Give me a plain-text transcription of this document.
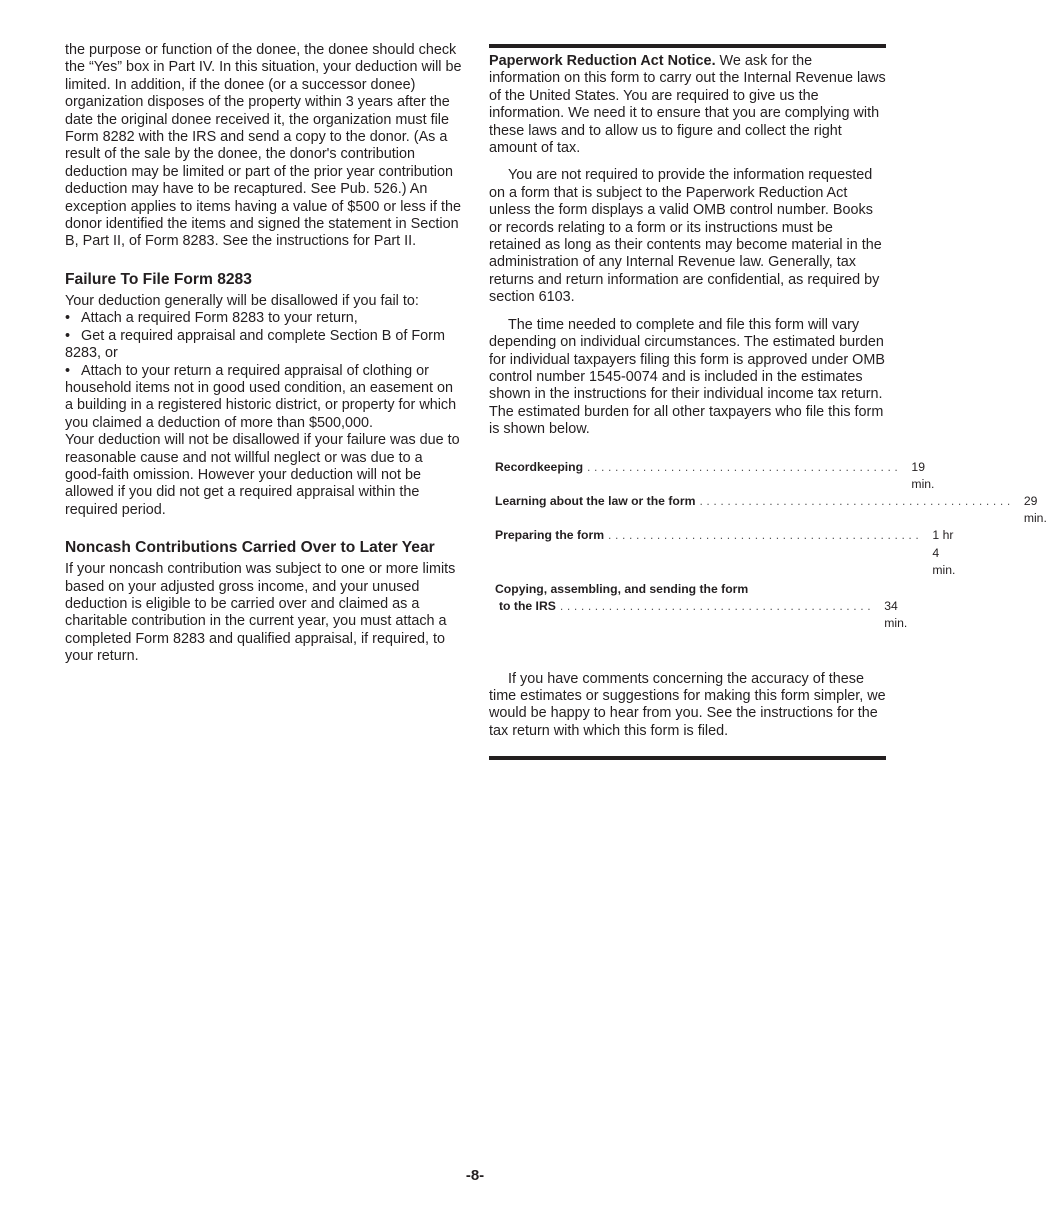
the purpose or function of the donee, the donee should check the “Yes” box in Part IV. In this situation, your deduction will be limited. In addition, if the donee (or a successor donee) organization disposes of the property within 3 years after the date the original donee received it, the organization must file Form 8282 with the IRS and send a copy to the donor. (As a result of the sale by the donee, the donor's contribution deduction may be limited or part of the prior year contribution deduction may have to be recaptured. See Pub. 526.) An exception applies to items having a value of $500 or less if the donor identified the items and signed the statement in Section B, Part II, of Form 8283. See the instructions for Part II.

Failure To File Form 8283

Your deduction generally will be disallowed if you fail to:

• Attach a required Form 8283 to your return,

• Get a required appraisal and complete Section B of Form 8283, or

• Attach to your return a required appraisal of clothing or household items not in good used condition, an easement on a building in a registered historic district, or property for which you claimed a deduction of more than $500,000.

Your deduction will not be disallowed if your failure was due to reasonable cause and not willful neglect or was due to a good-faith omission. However your deduction will not be allowed if you did not get a required appraisal within the required period.

Noncash Contributions Carried Over to Later Year

If your noncash contribution was subject to one or more limits based on your adjusted gross income, and your unused deduction is eligible to be carried over and claimed as a charitable contribution in the current year, you must attach a completed Form 8283 and qualified appraisal, if required, to your return.

Paperwork Reduction Act Notice. We ask for the information on this form to carry out the Internal Revenue laws of the United States. You are required to give us the information. We need it to ensure that you are complying with these laws and to allow us to figure and collect the right amount of tax.

You are not required to provide the information requested on a form that is subject to the Paperwork Reduction Act unless the form displays a valid OMB control number. Books or records relating to a form or its instructions must be retained as long as their contents may become material in the administration of any Internal Revenue law. Generally, tax returns and return information are confidential, as required by section 6103.

The time needed to complete and file this form will vary depending on individual circumstances. The estimated burden for individual taxpayers filing this form is approved under OMB control number 1545-0074 and is included in the estimates shown in the instructions for their individual income tax return. The estimated burden for all other taxpayers who file this form is shown below.

Recordkeeping ............................................. 19 min.
Learning about the law or the form ............................................. 29 min.
Preparing the form ............................................. 1 hr 4 min.
Copying, assembling, and sending the form
to the IRS ............................................. 34 min.

If you have comments concerning the accuracy of these time estimates or suggestions for making this form simpler, we would be happy to hear from you. See the instructions for the tax return with which this form is filed.

-8-
